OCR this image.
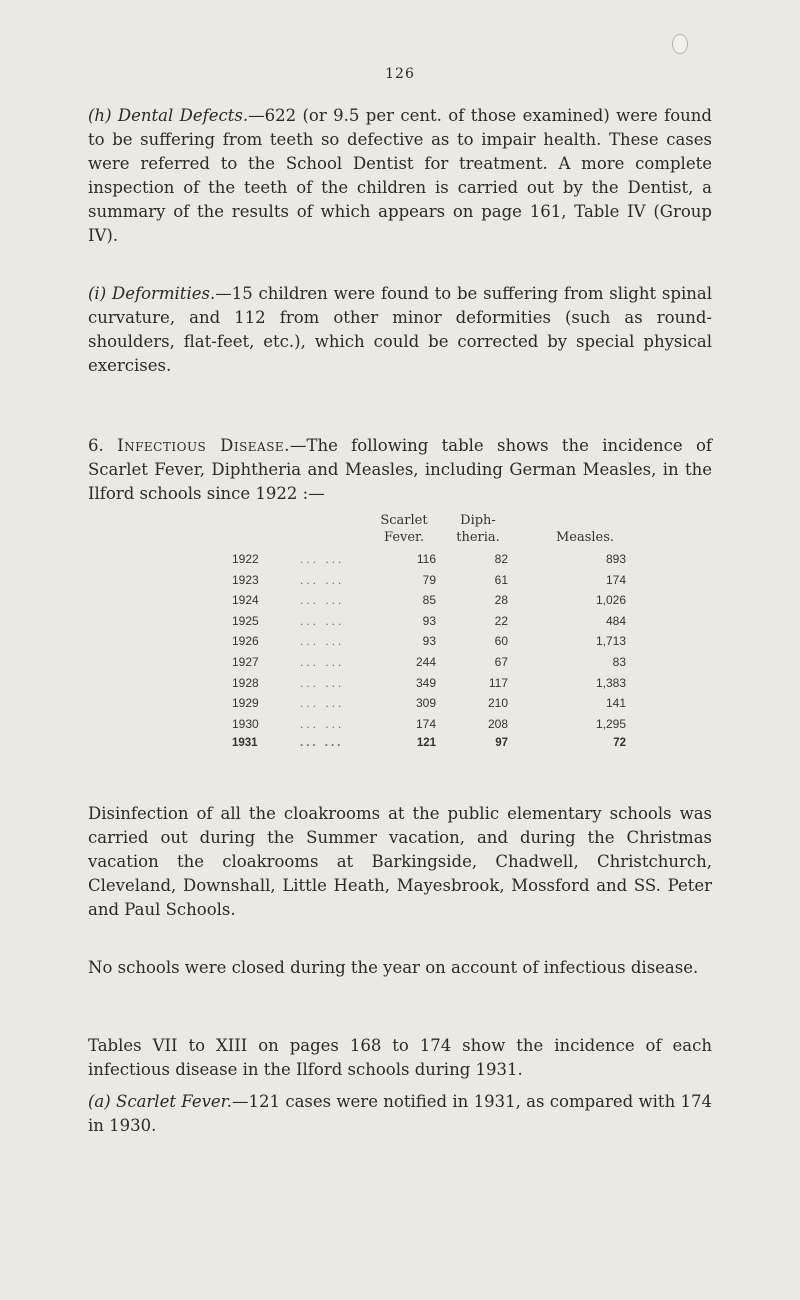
126

(h) Dental Defects.—622 (or 9.5 per cent. of those examined) were found to be suffering from teeth so defective as to impair health. These cases were referred to the School Dentist for treatment. A more complete inspection of the teeth of the children is carried out by the Dentist, a summary of the results of which appears on page 161, Table IV (Group IV).

(i) Deformities.—15 children were found to be suffering from slight spinal curvature, and 112 from other minor deformities (such as round-shoulders, flat-feet, etc.), which could be corrected by special physical exercises.

6. Infectious Disease.—The following table shows the incidence of Scarlet Fever, Diphtheria and Measles, including German Measles, in the Ilford schools since 1922 :—

Scarlet
Fever.
Diph-
theria.	Measles.
1922	... ...	116	82	893
1923	... ...	79	61	174
1924	... ...	85	28	1,026
1925	... ...	93	22	484
1926	... ...	93	60	1,713
1927	... ...	244	67	83
1928	... ...	349	117	1,383
1929	... ...	309	210	141
1930	... ...	174	208	1,295
1931	... ...	121	97	72

Disinfection of all the cloakrooms at the public elementary schools was carried out during the Summer vacation, and during the Christmas vacation the cloakrooms at Barkingside, Chadwell, Christchurch, Cleveland, Downshall, Little Heath, Mayesbrook, Mossford and SS. Peter and Paul Schools.

No schools were closed during the year on account of infectious disease.

Tables VII to XIII on pages 168 to 174 show the incidence of each infectious disease in the Ilford schools during 1931.

(a) Scarlet Fever.—121 cases were notified in 1931, as compared with 174 in 1930.
